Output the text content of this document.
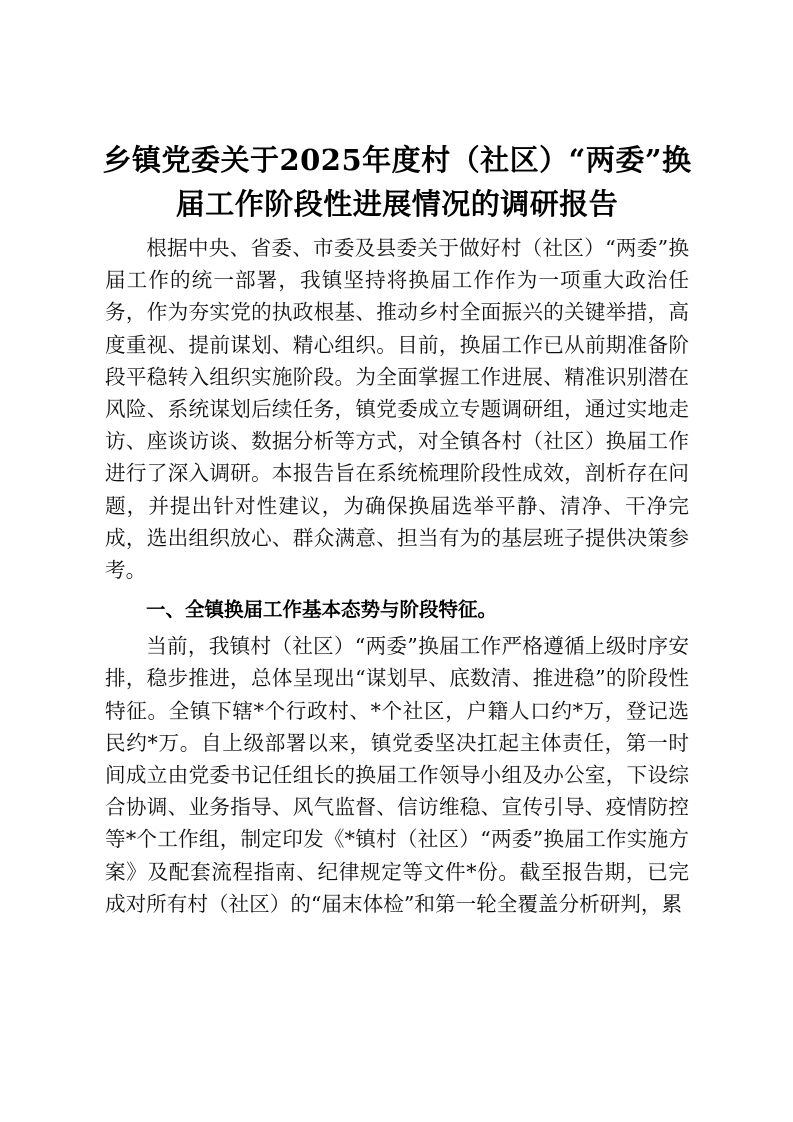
乡镇党委关于2025年度村（社区）“两委”换
届工作阶段性进展情况的调研报告

根据中央、省委、市委及县委关于做好村（社区）“两委”换届工作的统一部署，我镇坚持将换届工作作为一项重大政治任务，作为夯实党的执政根基、推动乡村全面振兴的关键举措，高度重视、提前谋划、精心组织。目前，换届工作已从前期准备阶段平稳转入组织实施阶段。为全面掌握工作进展、精准识别潜在风险、系统谋划后续任务，镇党委成立专题调研组，通过实地走访、座谈访谈、数据分析等方式，对全镇各村（社区）换届工作进行了深入调研。本报告旨在系统梳理阶段性成效，剖析存在问题，并提出针对性建议，为确保换届选举平静、清净、干净完成，选出组织放心、群众满意、担当有为的基层班子提供决策参考。

一、全镇换届工作基本态势与阶段特征。

当前，我镇村（社区）“两委”换届工作严格遵循上级时序安排，稳步推进，总体呈现出“谋划早、底数清、推进稳”的阶段性特征。全镇下辖*个行政村、*个社区，户籍人口约*万，登记选民约*万。自上级部署以来，镇党委坚决扛起主体责任，第一时间成立由党委书记任组长的换届工作领导小组及办公室，下设综合协调、业务指导、风气监督、信访维稳、宣传引导、疫情防控等*个工作组，制定印发《*镇村（社区）“两委”换届工作实施方案》及配套流程指南、纪律规定等文件*份。截至报告期，已完成对所有村（社区）的“届末体检”和第一轮全覆盖分析研判，累
